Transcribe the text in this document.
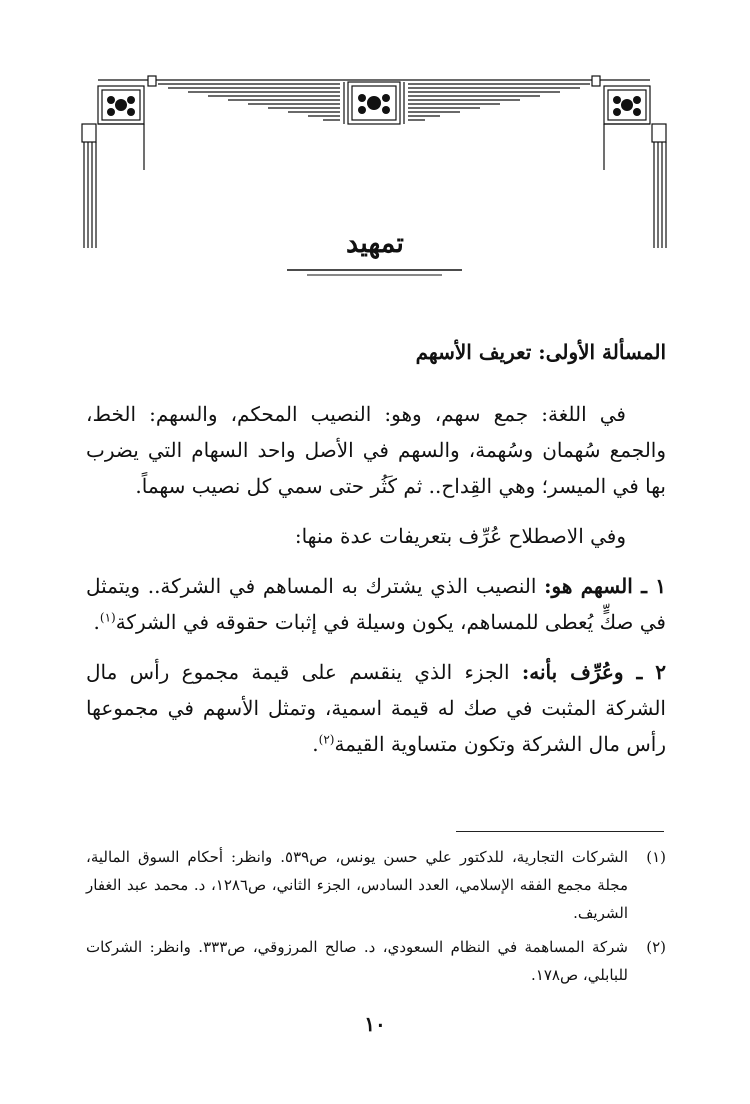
تمهيد
المسألة الأولى: تعريف الأسهم

في اللغة: جمع سهم، وهو: النصيب المحكم، والسهم: الخط، والجمع سُهمان وسُهمة، والسهم في الأصل واحد السهام التي يضرب بها في الميسر؛ وهي القِداح.. ثم كَثُر حتى سمي كل نصيب سهماً.

وفي الاصطلاح عُرِّف بتعريفات عدة منها:

١ ـ السهم هو: النصيب الذي يشترك به المساهم في الشركة.. ويتمثل في صكٍّ يُعطى للمساهم، يكون وسيلة في إثبات حقوقه في الشركة$^{(١)}$.

٢ ـ وعُرِّف بأنه: الجزء الذي ينقسم على قيمة مجموع رأس مال الشركة المثبت في صك له قيمة اسمية، وتمثل الأسهم في مجموعها رأس مال الشركة وتكون متساوية القيمة$^{(٢)}$.

(١)
الشركات التجارية، للدكتور علي حسن يونس، ص٥٣٩. وانظر: أحكام السوق المالية، مجلة مجمع الفقه الإسلامي، العدد السادس، الجزء الثاني، ص١٢٨٦، د. محمد عبد الغفار الشريف.
(٢)
شركة المساهمة في النظام السعودي، د. صالح المرزوقي، ص٣٣٣. وانظر: الشركات للبابلي، ص١٧٨.
١٠
